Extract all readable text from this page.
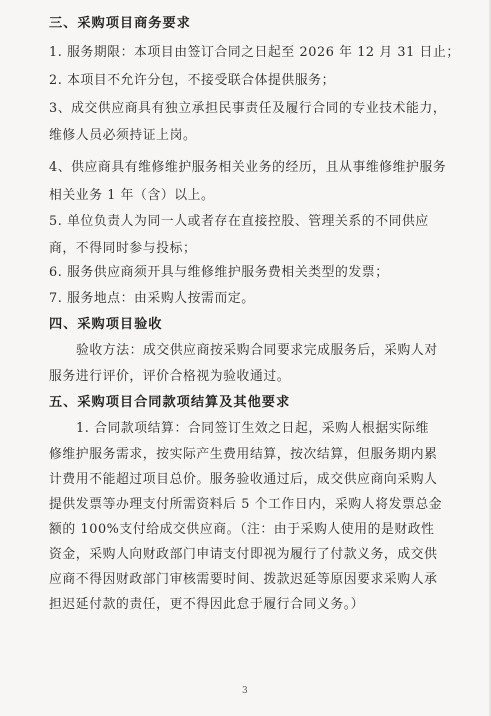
三、采购项目商务要求
1. 服务期限：本项目由签订合同之日起至 2026 年 12 月 31 日止；
2. 本项目不允许分包，不接受联合体提供服务；
3、成交供应商具有独立承担民事责任及履行合同的专业技术能力，
维修人员必须持证上岗。
4、供应商具有维修维护服务相关业务的经历，且从事维修维护服务
相关业务 1 年（含）以上。
5. 单位负责人为同一人或者存在直接控股、管理关系的不同供应
商，不得同时参与投标；
6. 服务供应商须开具与维修维护服务费相关类型的发票；
7. 服务地点：由采购人按需而定。
四、采购项目验收
验收方法：成交供应商按采购合同要求完成服务后，采购人对
服务进行评价，评价合格视为验收通过。
五、采购项目合同款项结算及其他要求
1. 合同款项结算：合同签订生效之日起，采购人根据实际维
修维护服务需求，按实际产生费用结算，按次结算，但服务期内累
计费用不能超过项目总价。服务验收通过后，成交供应商向采购人
提供发票等办理支付所需资料后 5 个工作日内，采购人将发票总金
额的 100%支付给成交供应商。（注：由于采购人使用的是财政性
资金，采购人向财政部门申请支付即视为履行了付款义务，成交供
应商不得因财政部门审核需要时间、拨款迟延等原因要求采购人承
担迟延付款的责任，更不得因此怠于履行合同义务。）
3
